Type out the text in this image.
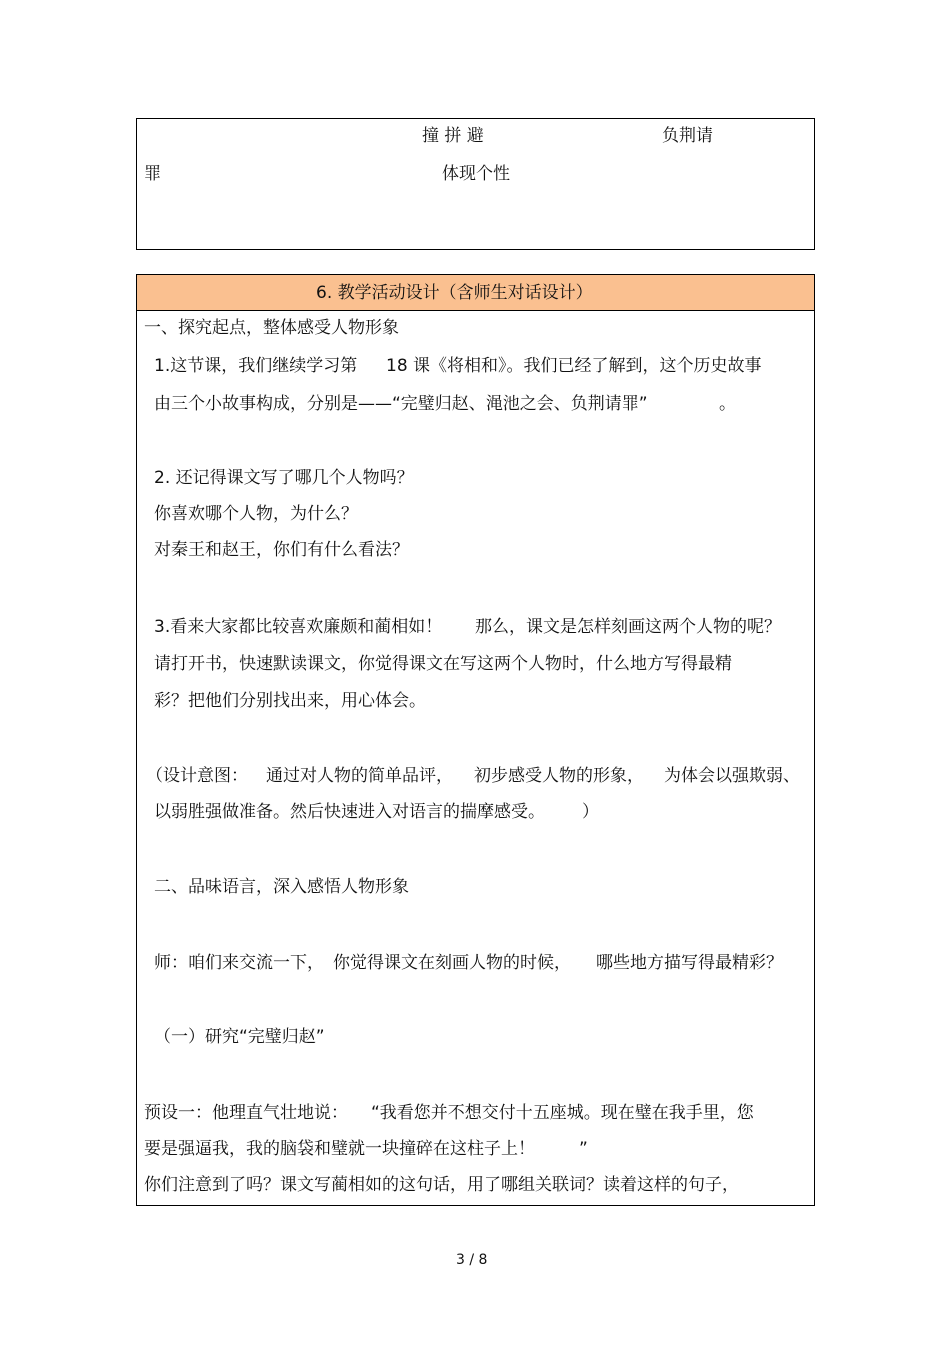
撞 拼 避	负荆请
罪	体现个性
6. 教学活动设计（含师生对话设计）
一、探究起点，整体感受人物形象
1.这节课，我们继续学习第 18 课《将相和》。我们已经了解到，这个历史故事
由三个小故事构成，分别是——“完璧归赵、渑池之会、负荆请罪”	。
2. 还记得课文写了哪几个人物吗？
你喜欢哪个人物，为什么？
对秦王和赵王，你们有什么看法？
3.看来大家都比较喜欢廉颇和蔺相如！ 那么，课文是怎样刻画这两个人物的呢？
请打开书，快速默读课文，你觉得课文在写这两个人物时，什么地方写得最精
彩？把他们分别找出来，用心体会。
（设计意图： 通过对人物的简单品评， 初步感受人物的形象， 为体会以强欺弱、
以弱胜强做准备。然后快速进入对语言的揣摩感受。 ）
二、品味语言，深入感悟人物形象
师：咱们来交流一下， 你觉得课文在刻画人物的时候， 哪些地方描写得最精彩？
（一）研究“完璧归赵”
预设一：他理直气壮地说： “我看您并不想交付十五座城。现在璧在我手里，您
要是强逼我，我的脑袋和璧就一块撞碎在这柱子上！	”
你们注意到了吗？课文写蔺相如的这句话，用了哪组关联词？读着这样的句子，
3 / 8
